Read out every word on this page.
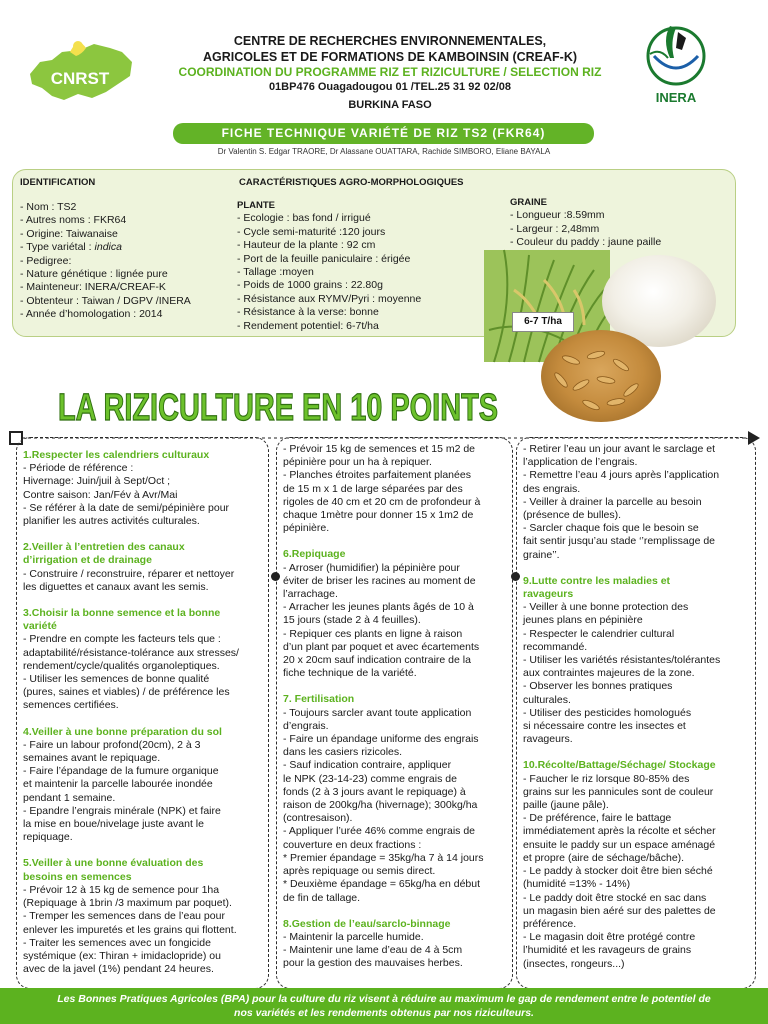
CNRST
INERA
CENTRE DE RECHERCHES ENVIRONNEMENTALES,
AGRICOLES ET DE FORMATIONS DE KAMBOINSIN (CREAF-K)
COORDINATION DU PROGRAMME RIZ ET RIZICULTURE / SELECTION RIZ
01BP476 Ouagadougou 01 /TEL.25 31 92 02/08
BURKINA FASO
FICHE TECHNIQUE VARIÉTÉ DE RIZ TS2 (FKR64)
Dr Valentin S. Edgar TRAORE, Dr Alassane OUATTARA, Rachide SIMBORO, Eliane BAYALA
IDENTIFICATION	CARACTÉRISTIQUES AGRO-MORPHOLOGIQUES
- Nom : TS2
- Autres noms : FKR64
- Origine: Taiwanaise
- Type variétal : indica
- Pedigree:
- Nature génétique : lignée pure
- Mainteneur: INERA/CREAF-K
- Obtenteur : Taiwan / DGPV /INERA
- Année d’homologation : 2014
PLANTE
- Ecologie : bas fond / irrigué
- Cycle semi-maturité :120 jours
- Hauteur de la plante : 92 cm
- Port de la feuille paniculaire : érigée
- Tallage :moyen
- Poids de 1000 grains : 22.80g
- Résistance aux RYMV/Pyri : moyenne
- Résistance à la verse: bonne
- Rendement potentiel: 6-7t/ha
GRAINE
- Longueur :8.59mm
- Largeur : 2,48mm
- Couleur du paddy : jaune paille
6-7 T/ha
LA RIZICULTURE EN 10 POINTS
1.Respecter les calendriers culturaux
- Période de référence :
Hivernage: Juin/juil à Sept/Oct ;
Contre saison: Jan/Fév à Avr/Mai
- Se référer à la date de semi/pépinière pour
planifier les autres activités culturales.
2.Veiller à l’entretien des canaux
d’irrigation et de drainage
- Construire / reconstruire, réparer et nettoyer
les diguettes et canaux avant les semis.
3.Choisir la bonne semence et la bonne
variété
- Prendre en compte les facteurs tels que :
adaptabilité/résistance-tolérance aux stresses/
rendement/cycle/qualités organoleptiques.
- Utiliser les semences de bonne qualité
(pures, saines et viables) / de préférence les
semences certifiées.
4.Veiller à une bonne préparation du sol
- Faire un labour profond(20cm), 2 à 3
semaines avant le repiquage.
- Faire l’épandage de la fumure organique
et maintenir la parcelle labourée inondée
pendant 1 semaine.
- Epandre l’engrais minérale (NPK) et faire
la mise en boue/nivelage juste avant le
repiquage.
5.Veiller à une bonne évaluation des
besoins en semences
- Prévoir 12 à 15 kg de semence pour 1ha
(Repiquage à 1brin /3 maximum par poquet).
- Tremper les semences dans de l’eau pour
enlever les impuretés et les grains qui flottent.
- Traiter les semences avec un fongicide
systémique (ex: Thiran + imidaclopride) ou
avec de la javel (1%) pendant 24 heures.
- Prévoir 15 kg de semences et 15 m2 de
pépinière pour un ha à repiquer.
- Planches étroites parfaitement planées
de 15 m x 1 de large séparées par des
rigoles de 40 cm et 20 cm de profondeur à
chaque 1mètre pour donner 15 x 1m2 de
pépinière.
6.Repiquage
- Arroser (humidifier) la pépinière pour
éviter de briser les racines au moment de
l’arrachage.
- Arracher les jeunes plants âgés de 10 à
15 jours (stade 2 à 4 feuilles).
- Repiquer ces plants en ligne à raison
d’un plant par poquet et avec écartements
20 x 20cm sauf indication contraire de la
fiche technique de la variété.
7. Fertilisation
- Toujours sarcler avant toute application
d’engrais.
- Faire un épandage uniforme des engrais
dans les casiers rizicoles.
- Sauf indication contraire, appliquer
le NPK (23-14-23) comme engrais de
fonds (2 à 3 jours avant le repiquage) à
raison de 200kg/ha (hivernage); 300kg/ha
(contresaison).
- Appliquer l’urée 46% comme engrais de
couverture en deux fractions :
* Premier épandage = 35kg/ha 7 à 14 jours
après repiquage ou semis direct.
* Deuxième épandage = 65kg/ha en début
de fin de tallage.
8.Gestion de l’eau/sarclo-binnage
- Maintenir la parcelle humide.
- Maintenir une lame d’eau de 4 à 5cm
pour la gestion des mauvaises herbes.
- Retirer l’eau un jour avant le sarclage et
l’application de l’engrais.
- Remettre l’eau 4 jours après l’application
des engrais.
- Veiller à drainer la parcelle au besoin
(présence de bulles).
- Sarcler chaque fois que le besoin se
fait sentir jusqu’au stade ‘’remplissage de
graine’’.
9.Lutte contre les maladies et
ravageurs
- Veiller à une bonne protection des
jeunes plans en pépinière
- Respecter le calendrier cultural
recommandé.
- Utiliser les variétés résistantes/tolérantes
aux contraintes majeures de la zone.
- Observer les bonnes pratiques
culturales.
- Utiliser des pesticides homologués
si nécessaire contre les insectes et
ravageurs.
10.Récolte/Battage/Séchage/ Stockage
- Faucher le riz lorsque 80-85% des
grains sur les pannicules sont de couleur
paille (jaune pâle).
- De préférence, faire le battage
immédiatement après la récolte et sécher
ensuite le paddy sur un espace aménagé
et propre (aire de séchage/bâche).
- Le paddy à stocker doit être bien séché
(humidité =13% - 14%)
- Le paddy doit être stocké en sac dans
un magasin bien aéré sur des palettes de
préférence.
- Le magasin doit être protégé contre
l’humidité et les ravageurs de grains
(insectes, rongeurs...)
Les Bonnes Pratiques Agricoles (BPA) pour la culture du riz visent à réduire au maximum le gap de rendement entre le potentiel de
nos variétés et les rendements obtenus par nos riziculteurs.
